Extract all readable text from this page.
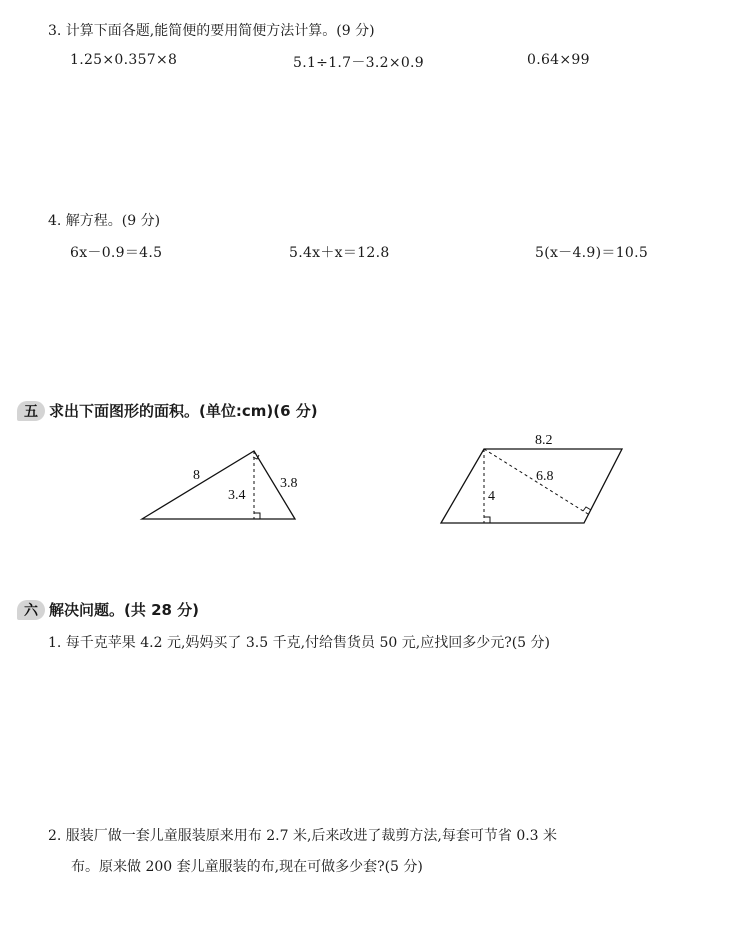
3. 计算下面各题,能简便的要用简便方法计算。(9 分)
1.25×0.357×8	5.1÷1.7－3.2×0.9	0.64×99
4. 解方程。(9 分)
6x－0.9＝4.5	5.4x＋x＝12.8	5(x－4.9)＝10.5
五 求出下面图形的面积。(单位:cm)(6 分)
8
3.4
3.8
8.2
4
6.8
六 解决问题。(共 28 分)
1. 每千克苹果 4.2 元,妈妈买了 3.5 千克,付给售货员 50 元,应找回多少元?(5 分)
2. 服装厂做一套儿童服装原来用布 2.7 米,后来改进了裁剪方法,每套可节省 0.3 米
布。原来做 200 套儿童服装的布,现在可做多少套?(5 分)
